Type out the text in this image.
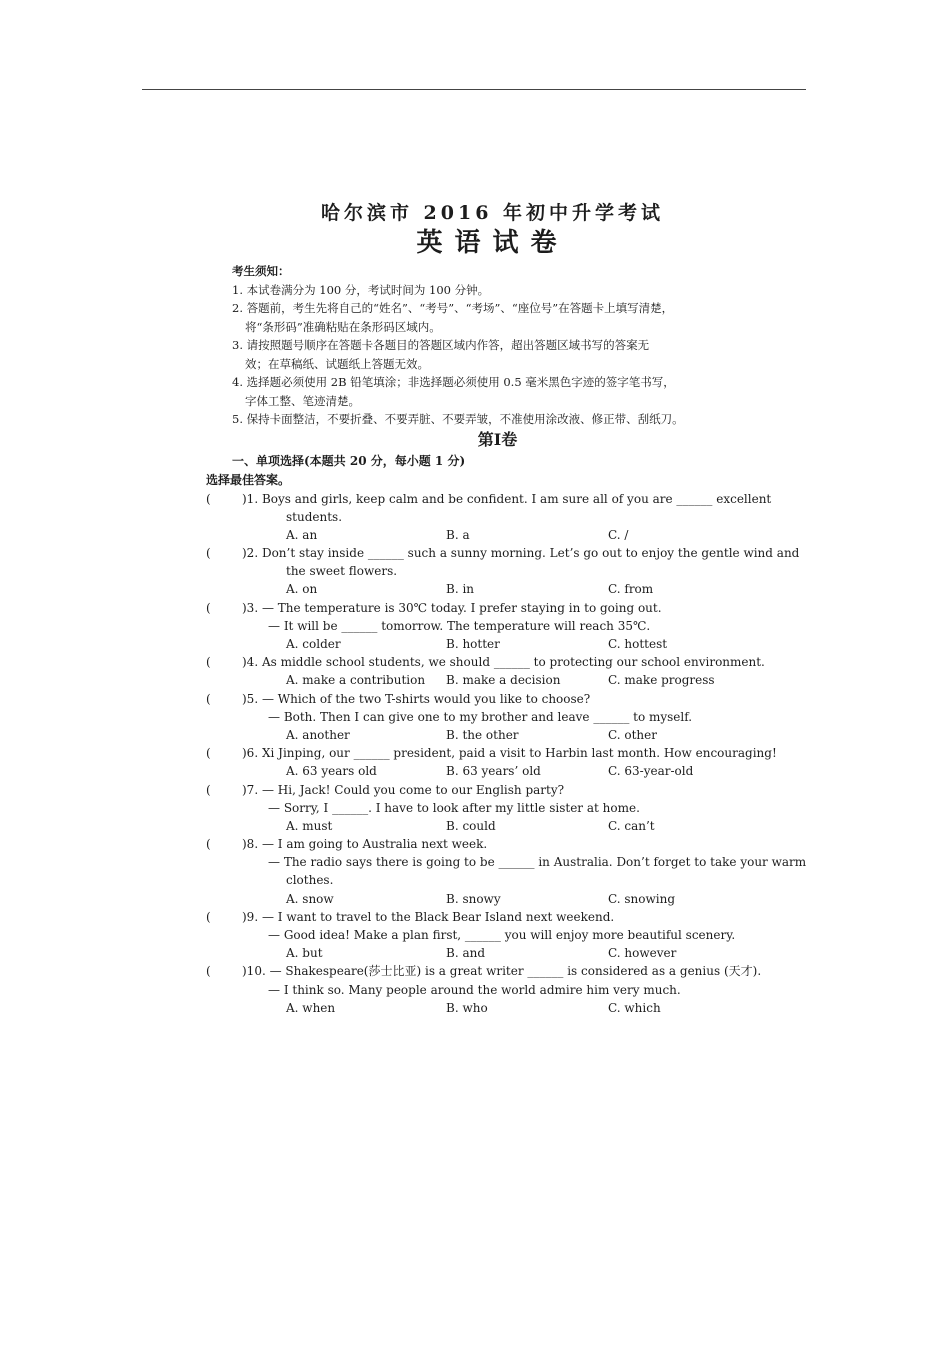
哈尔滨市 2016 年初中升学考试
英语试卷
考生须知：
1. 本试卷满分为 100 分，考试时间为 100 分钟。
2. 答题前，考生先将自己的“姓名”、“考号”、“考场”、“座位号”在答题卡上填写清楚，
将“条形码”准确粘贴在条形码区域内。
3. 请按照题号顺序在答题卡各题目的答题区域内作答，超出答题区域书写的答案无
效；在草稿纸、试题纸上答题无效。
4. 选择题必须使用 2B 铅笔填涂；非选择题必须使用 0.5 毫米黑色字迹的签字笔书写，
字体工整、笔迹清楚。
5. 保持卡面整洁，不要折叠、不要弄脏、不要弄皱，不准使用涂改液、修正带、刮纸刀。
第Ⅰ卷
一、单项选择(本题共 20 分，每小题 1 分)
选择最佳答案。
(	)1. Boys and girls, keep calm and be confident. I am sure all of you are ______ excellent
students.
A. an	B. a	C. /
(	)2. Don’t stay inside ______ such a sunny morning. Let’s go out to enjoy the gentle wind and
the sweet flowers.
A. on	B. in	C. from
(	)3. — The temperature is 30℃ today. I prefer staying in to going out.
— It will be ______ tomorrow. The temperature will reach 35℃.
A. colder	B. hotter	C. hottest
(	)4. As middle school students, we should ______ to protecting our school environment.
A. make a contribution B. make a decision	C. make progress
(	)5. — Which of the two T-shirts would you like to choose?
— Both. Then I can give one to my brother and leave ______ to myself.
A. another	B. the other	C. other
(	)6. Xi Jinping, our ______ president, paid a visit to Harbin last month. How encouraging!
A. 63 years old	B. 63 years’ old	C. 63-year-old
(	)7. — Hi, Jack! Could you come to our English party?
— Sorry, I ______. I have to look after my little sister at home.
A. must	B. could	C. can’t
(	)8. — I am going to Australia next week.
— The radio says there is going to be ______ in Australia. Don’t forget to take your warm
clothes.
A. snow	B. snowy	C. snowing
(	)9. — I want to travel to the Black Bear Island next weekend.
— Good idea! Make a plan first, ______ you will enjoy more beautiful scenery.
A. but	B. and	C. however
(	)10. — Shakespeare(莎士比亚) is a great writer ______ is considered as a genius (天才).
— I think so. Many people around the world admire him very much.
A. when	B. who	C. which
